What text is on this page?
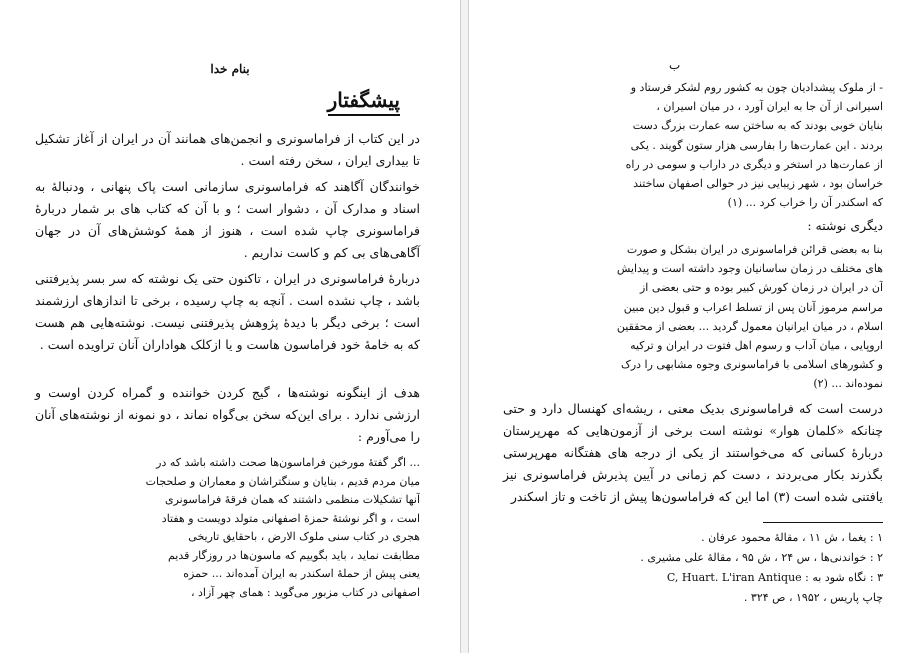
بنام خدا
پیشگفتار
در این کتاب از فراماسونری و انجمن‌های همانند آن در ایران از آغاز تشکیل تا بیداری ایران ، سخن رفته است .
خوانندگان آگاهند که فراماسونری سازمانی است پاک پنهانی ، ودنبالهٔ به اسناد و مدارک آن ، دشوار است ؛ و با آن که کتاب های بر شمار دربارهٔ فراماسونری چاپ شده است ، هنوز از همهٔ کوشش‌های آن در جهان آگاهی‌های بی کم و کاست نداریم .
دربارهٔ فراماسونری در ایران ، تاکنون حتی یک نوشته که سر بسر پذیرفتنی باشد ، چاپ نشده است . آنچه به چاپ رسیده ، برخی تا اندازهای ارزشمند است ؛ برخی دیگر با دیدهٔ پژوهش پذیرفتنی نیست. نوشته‌هایی هم هست که به خامهٔ خود فراماسون هاست و یا ازکلک هواداران آنان تراویده است .
هدف از اینگونه نوشته‌ها ، گیج کردن خواننده و گمراه کردن اوست و ارزشی ندارد . برای این‌که سخن بی‌گواه نماند ، دو نمونه از نوشته‌های آنان را می‌آورم :
... اگر گفتهٔ مورخین فراماسون‌ها صحت داشته باشد که در
میان مردم قدیم ، بنایان و سنگتراشان و معماران و صلحجات
آنها تشکیلات منظمی داشتند که همان فرقهٔ فراماسونری
است ، و اگر نوشتهٔ حمزهٔ اصفهانی متولد دویست و هفتاد
هجری در کتاب سنی ملوک الارض ، باحقایق تاریخی
مطابقت نماید ، باید بگوییم که ماسون‌ها در روزگار قدیم
یعنی پیش از حملهٔ اسکندر به ایران آمده‌اند ... حمزه
اصفهانی در کتاب مزبور می‌گوید : همای چهر آزاد ،
ب
- از ملوک پیشدادیان چون به کشور روم لشکر فرستاد و
اسیرانی از آن جا به ایران آورد ، در میان اسیران ،
بنایان خوبی بودند که به ساختن سه عمارت بزرگ دست
بردند . این عمارت‌ها را بفارسی هزار ستون گویند . یکی
از عمارت‌ها در استخر و دیگری در داراب و سومی در راه
خراسان بود ، شهر زیبایی نیز در حوالی اصفهان ساختند
که اسکندر آن را خراب کرد ... (۱)
دیگری نوشته :
بنا به بعضی قرائن فراماسونری در ایران بشکل و صورت
های مختلف در زمان ساسانیان وجود داشته است و پیدایش
آن در ایران در زمان کورش کبیر بوده و حتی بعضی از
مراسم مرموز آنان پس از تسلط اعراب و قبول دین مبین
اسلام ، در میان ایرانیان معمول گردید ... بعضی از محققین
اروپایی ، میان آداب و رسوم اهل فتوت در ایران و ترکیه
و کشورهای اسلامی با فراماسونری وجوه مشابهی را درک
نموده‌اند ... (۲)
درست است که فراماسونری بدیک معنی ، ریشه‌ای کهنسال دارد و حتی چنانکه «کلمان هوار» نوشته است برخی از آزمون‌هایی که مهرپرستان دربارهٔ کسانی که می‌خواستند از یکی از درجه های هفتگانه مهرپرستی بگذرند بکار می‌بردند ، دست کم زمانی در آیین پذیرش فراماسونری نیز یافتنی شده است (۳) اما این که فراماسون‌ها پیش از تاخت و تاز اسکندر
۱ : یغما ، ش ۱۱ ، مقالهٔ محمود عرفان .
۲ : خواندنی‌ها ، س ۲۴ ، ش ۹۵ ، مقالهٔ علی مشیری .
۳ : نگاه شود به : C, Huart. L'iran Antique
چاپ پاریس ، ۱۹۵۲ ، ص ۳۲۴ .
